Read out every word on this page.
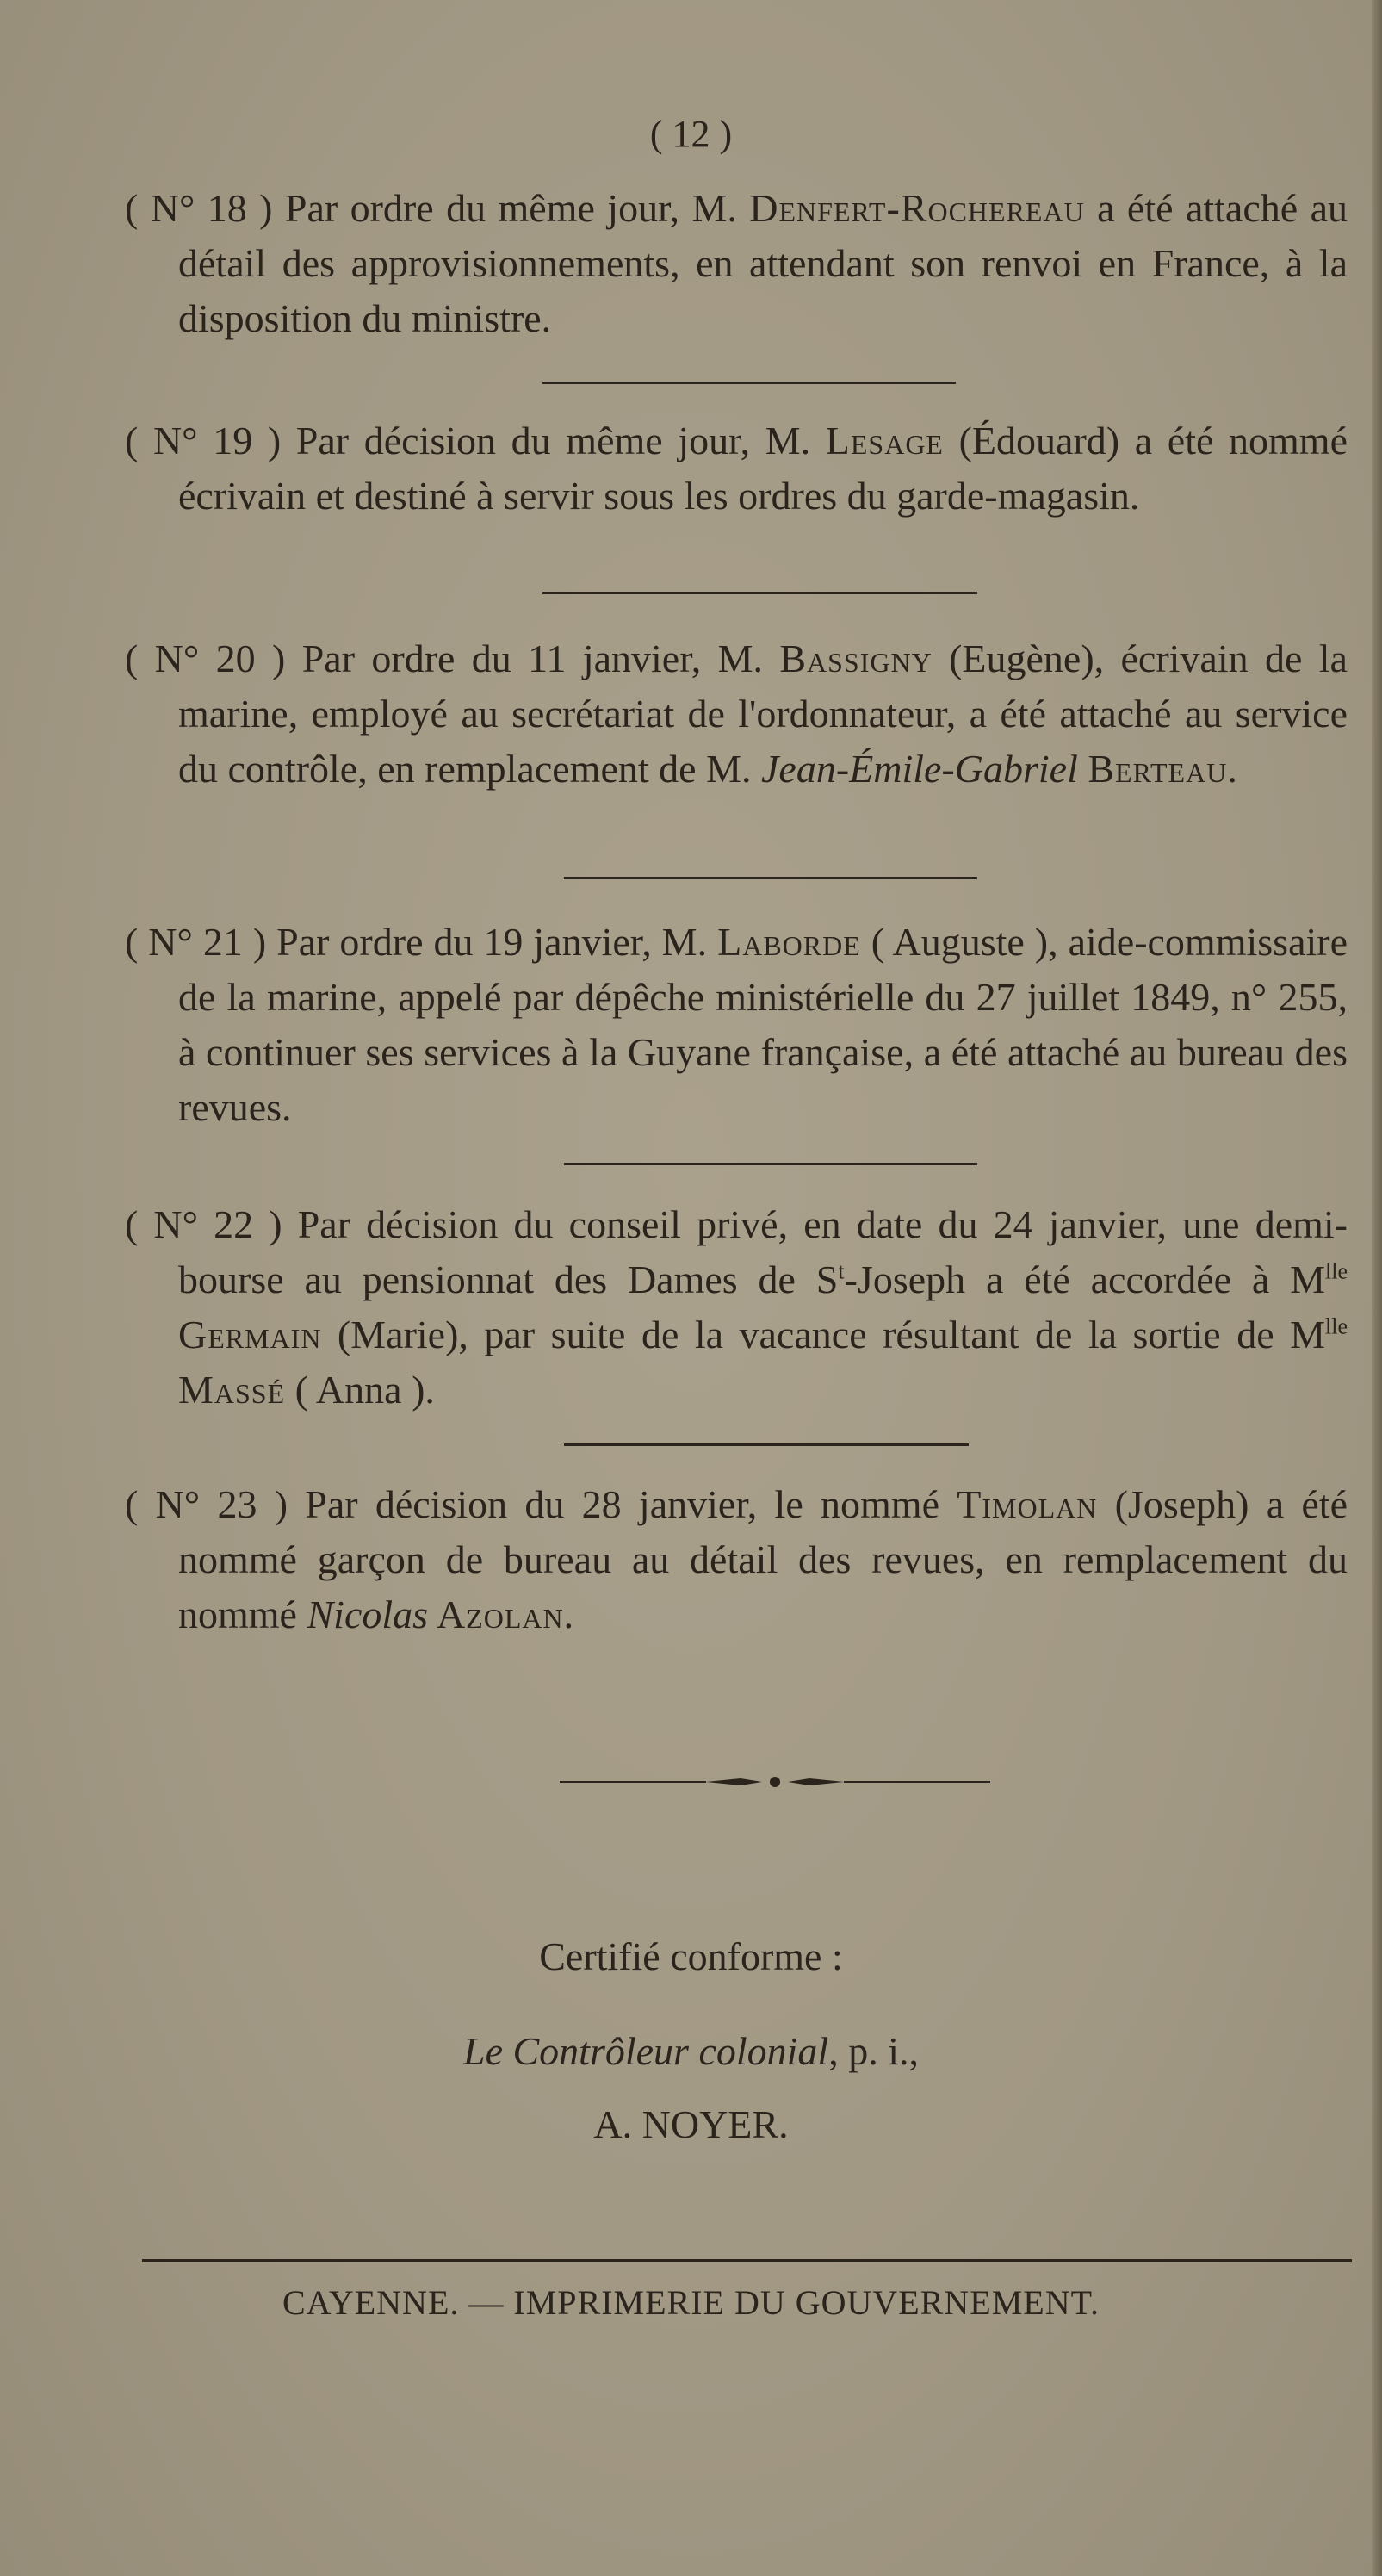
( 12 )

( N° 18 ) Par ordre du même jour, M. Denfert-Rochereau a été attaché au détail des approvisionnements, en attendant son renvoi en France, à la disposition du ministre.

( N° 19 ) Par décision du même jour, M. Lesage (Édouard) a été nommé écrivain et destiné à servir sous les ordres du garde-magasin.

( N° 20 ) Par ordre du 11 janvier, M. Bassigny (Eugène), écrivain de la marine, employé au secrétariat de l'ordonnateur, a été attaché au service du contrôle, en remplacement de M. Jean-Émile-Gabriel Berteau.

( N° 21 ) Par ordre du 19 janvier, M. Laborde ( Auguste ), aide-commissaire de la marine, appelé par dépêche ministérielle du 27 juillet 1849, n° 255, à continuer ses services à la Guyane française, a été attaché au bureau des revues.

( N° 22 ) Par décision du conseil privé, en date du 24 janvier, une demi-bourse au pensionnat des Dames de $S^t$-Joseph a été accordée à $M^{lle}$ Germain (Marie), par suite de la vacance résultant de la sortie de $M^{lle}$ Massé ( Anna ).

( N° 23 ) Par décision du 28 janvier, le nommé Timolan (Joseph) a été nommé garçon de bureau au détail des revues, en remplacement du nommé Nicolas Azolan.

Certifié conforme :
Le Contrôleur colonial, p. i.,
A. NOYER.
CAYENNE. — IMPRIMERIE DU GOUVERNEMENT.
